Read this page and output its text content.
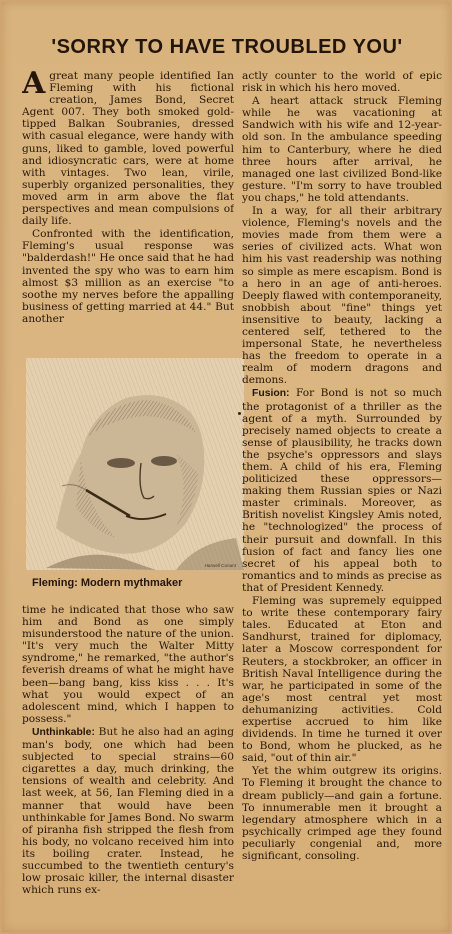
'SORRY TO HAVE TROUBLED YOU'

Agreat many people identified Ian Fleming with his fictional creation, James Bond, Secret Agent 007. They both smoked gold-tipped Balkan Soubranies, dressed with casual elegance, were handy with guns, liked to gamble, loved powerful and idiosyncratic cars, were at home with vintages. Two lean, virile, superbly organized personalities, they moved arm in arm above the flat perspectives and mean compulsions of daily life.

Confronted with the identification, Fleming's usual response was "balderdash!" He once said that he had invented the spy who was to earn him almost $3 million as an exercise "to soothe my nerves before the appalling business of getting married at 44." But another

Harwell Conant
Fleming: Modern mythmaker

time he indicated that those who saw him and Bond as one simply misunderstood the nature of the union. "It's very much the Walter Mitty syndrome," he remarked, "the author's feverish dreams of what he might have been—bang bang, kiss kiss . . . It's what you would expect of an adolescent mind, which I happen to possess."

Unthinkable: But he also had an aging man's body, one which had been subjected to special strains—60 cigarettes a day, much drinking, the tensions of wealth and celebrity. And last week, at 56, Ian Fleming died in a manner that would have been unthinkable for James Bond. No swarm of piranha fish stripped the flesh from his body, no volcano received him into its boiling crater. Instead, he succumbed to the twentieth century's low prosaic killer, the internal disaster which runs ex-

actly counter to the world of epic risk in which his hero moved.

A heart attack struck Fleming while he was vacationing at Sandwich with his wife and 12-year-old son. In the ambulance speeding him to Canterbury, where he died three hours after arrival, he managed one last civilized Bond-like gesture. "I'm sorry to have troubled you chaps," he told attendants.

In a way, for all their arbitrary violence, Fleming's novels and the movies made from them were a series of civilized acts. What won him his vast readership was nothing so simple as mere escapism. Bond is a hero in an age of anti-heroes. Deeply flawed with contemporaneity, snobbish about "fine" things yet insensitive to beauty, lacking a centered self, tethered to the impersonal State, he nevertheless has the freedom to operate in a realm of modern dragons and demons.

Fusion: For Bond is not so much the protagonist of a thriller as the agent of a myth. Surrounded by precisely named objects to create a sense of plausibility, he tracks down the psyche's oppressors and slays them. A child of his era, Fleming politicized these oppressors—making them Russian spies or Nazi master criminals. Moreover, as British novelist Kingsley Amis noted, he "technologized" the process of their pursuit and downfall. In this fusion of fact and fancy lies one secret of his appeal both to romantics and to minds as precise as that of President Kennedy.

Fleming was supremely equipped to write these contemporary fairy tales. Educated at Eton and Sandhurst, trained for diplomacy, later a Moscow correspondent for Reuters, a stockbroker, an officer in British Naval Intelligence during the war, he participated in some of the age's most central yet most dehumanizing activities. Cold expertise accrued to him like dividends. In time he turned it over to Bond, whom he plucked, as he said, "out of thin air."

Yet the whim outgrew its origins. To Fleming it brought the chance to dream publicly—and gain a fortune. To innumerable men it brought a legendary atmosphere which in a psychically crimped age they found peculiarly congenial and, more significant, consoling.
